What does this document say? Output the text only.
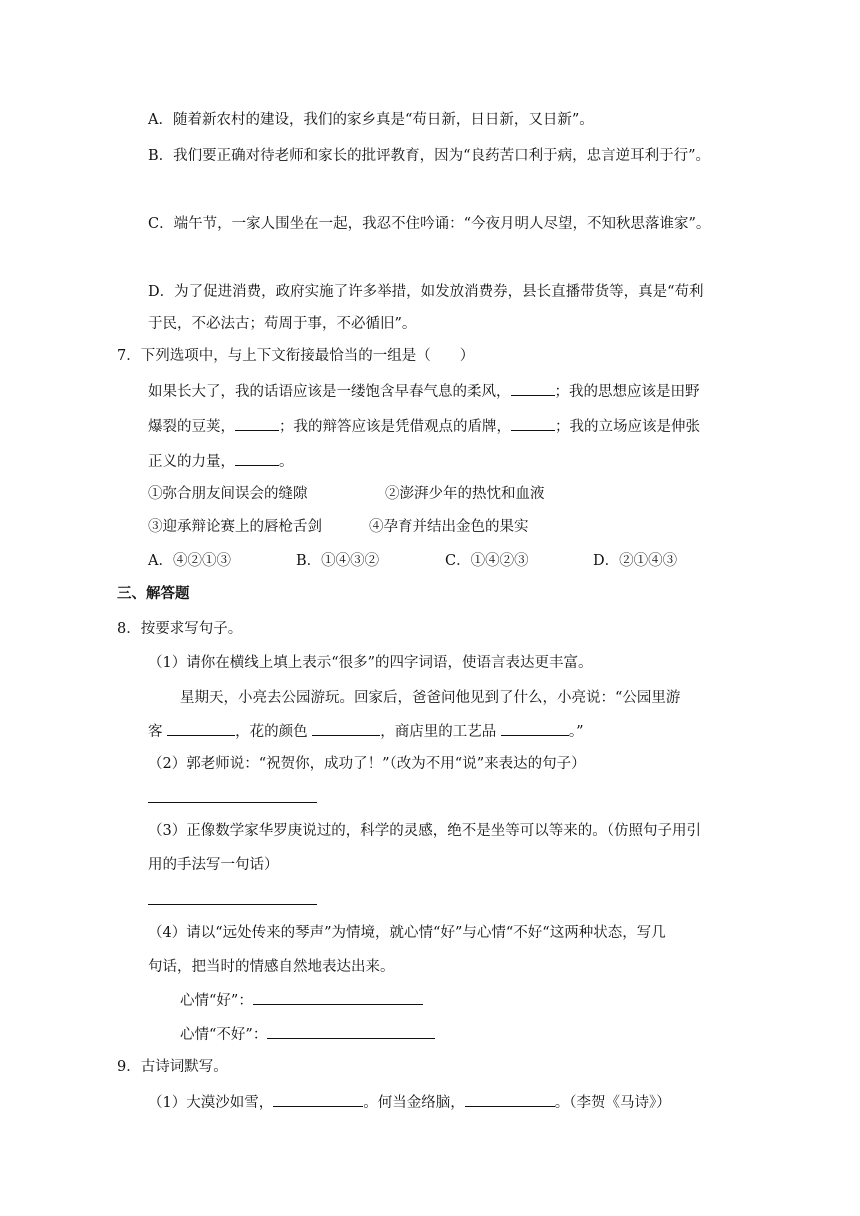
A．随着新农村的建设，我们的家乡真是“苟日新，日日新，又日新”。
B．我们要正确对待老师和家长的批评教育，因为“良药苦口利于病，忠言逆耳利于行”。
C．端午节，一家人围坐在一起，我忍不住吟诵：“今夜月明人尽望，不知秋思落谁家”。
D．为了促进消费，政府实施了许多举措，如发放消费券，县长直播带货等，真是“苟利
于民，不必法古；苟周于事，不必循旧”。
7．下列选项中，与上下文衔接最恰当的一组是（　　）
如果长大了，我的话语应该是一缕饱含早春气息的柔风，	；我的思想应该是田野
爆裂的豆荚，	；我的辩答应该是凭借观点的盾牌，	；我的立场应该是伸张
正义的力量，	。
①弥合朋友间误会的缝隙	②澎湃少年的热忱和血液
③迎承辩论赛上的唇枪舌剑	④孕育并结出金色的果实
A．④②①③	B．①④③②	C．①④②③	D．②①④③
三、解答题
8．按要求写句子。
（1）请你在横线上填上表示“很多”的四字词语，使语言表达更丰富。
星期天，小亮去公园游玩。回家后，爸爸问他见到了什么，小亮说：“公园里游
客	，花的颜色	，商店里的工艺品	。”
（2）郭老师说：“祝贺你，成功了！”（改为不用“说”来表达的句子）
（3）正像数学家华罗庚说过的，科学的灵感，绝不是坐等可以等来的。（仿照句子用引
用的手法写一句话）
（4）请以“远处传来的琴声”为情境，就心情“好”与心情“不好“这两种状态，写几
句话，把当时的情感自然地表达出来。
心情“好”：
心情“不好”：
9．古诗词默写。
（1）大漠沙如雪，	。何当金络脑，	。（李贺《马诗》）
